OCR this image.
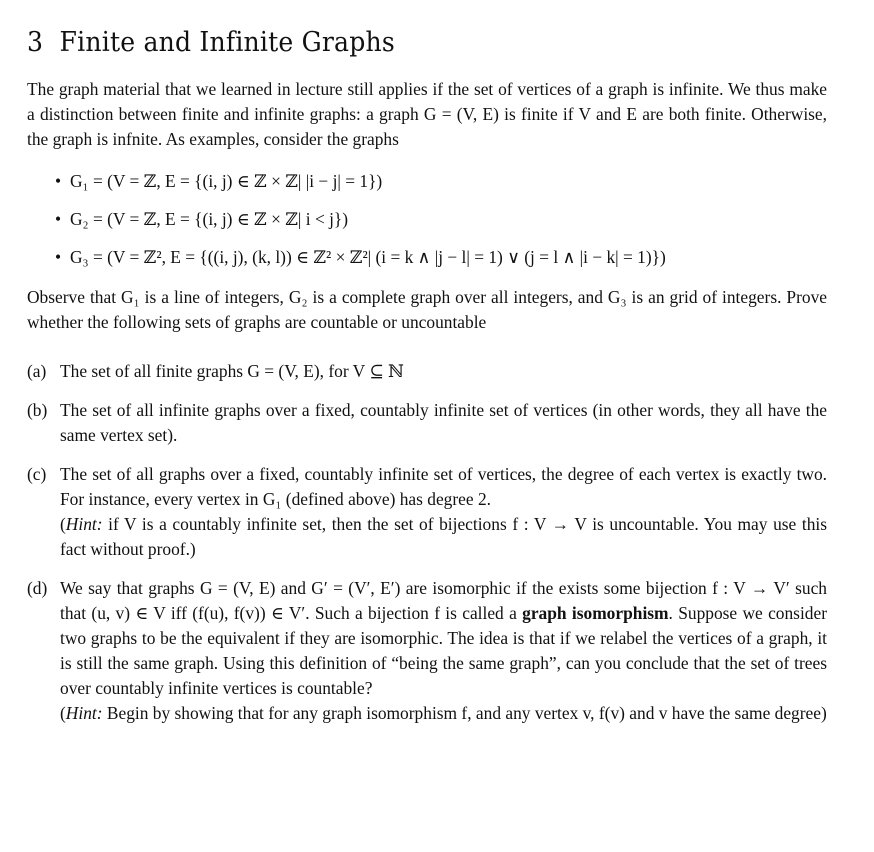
3 Finite and Infinite Graphs

The graph material that we learned in lecture still applies if the set of vertices of a graph is infinite. We thus make a distinction between finite and infinite graphs: a graph G = (V, E) is finite if V and E are both finite. Otherwise, the graph is infnite. As examples, consider the graphs

• G₁ = (V = ℤ, E = {(i, j) ∈ ℤ × ℤ| |i − j| = 1})
• G₂ = (V = ℤ, E = {(i, j) ∈ ℤ × ℤ| i < j})
• G₃ = (V = ℤ², E = {((i, j), (k, l)) ∈ ℤ² × ℤ²| (i = k ∧ |j − l| = 1) ∨ (j = l ∧ |i − k| = 1)})

Observe that G₁ is a line of integers, G₂ is a complete graph over all integers, and G₃ is an grid of integers. Prove whether the following sets of graphs are countable or uncountable

(a) The set of all finite graphs G = (V, E), for V ⊆ ℕ
(b) The set of all infinite graphs over a fixed, countably infinite set of vertices (in other words, they all have the same vertex set).
(c) The set of all graphs over a fixed, countably infinite set of vertices, the degree of each vertex is exactly two. For instance, every vertex in G₁ (defined above) has degree 2.
(Hint: if V is a countably infinite set, then the set of bijections f : V → V is uncountable. You may use this fact without proof.)
(d) We say that graphs G = (V, E) and G′ = (V′, E′) are isomorphic if the exists some bijection f : V → V′ such that (u, v) ∈ V iff (f(u), f(v)) ∈ V′. Such a bijection f is called a graph isomorphism. Suppose we consider two graphs to be the equivalent if they are isomorphic. The idea is that if we relabel the vertices of a graph, it is still the same graph. Using this definition of “being the same graph”, can you conclude that the set of trees over countably infinite vertices is countable?
(Hint: Begin by showing that for any graph isomorphism f, and any vertex v, f(v) and v have the same degree)
